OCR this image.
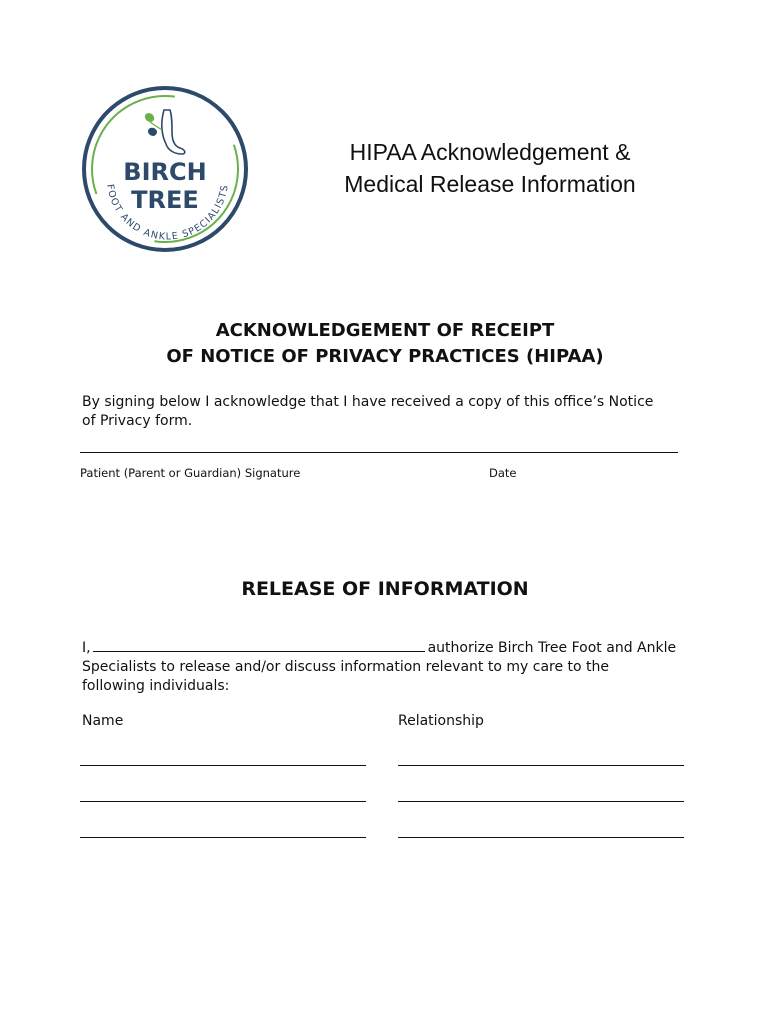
BIRCH
TREE
FOOT AND ANKLE SPECIALISTS
HIPAA Acknowledgement &
Medical Release Information
ACKNOWLEDGEMENT OF RECEIPT
OF NOTICE OF PRIVACY PRACTICES (HIPAA)
By signing below I acknowledge that I have received a copy of this office’s Notice
of Privacy form.
Patient (Parent or Guardian) Signature	Date
RELEASE OF INFORMATION
I,	authorize Birch Tree Foot and Ankle
Specialists to release and/or discuss information relevant to my care to the
following individuals:
Name	Relationship
